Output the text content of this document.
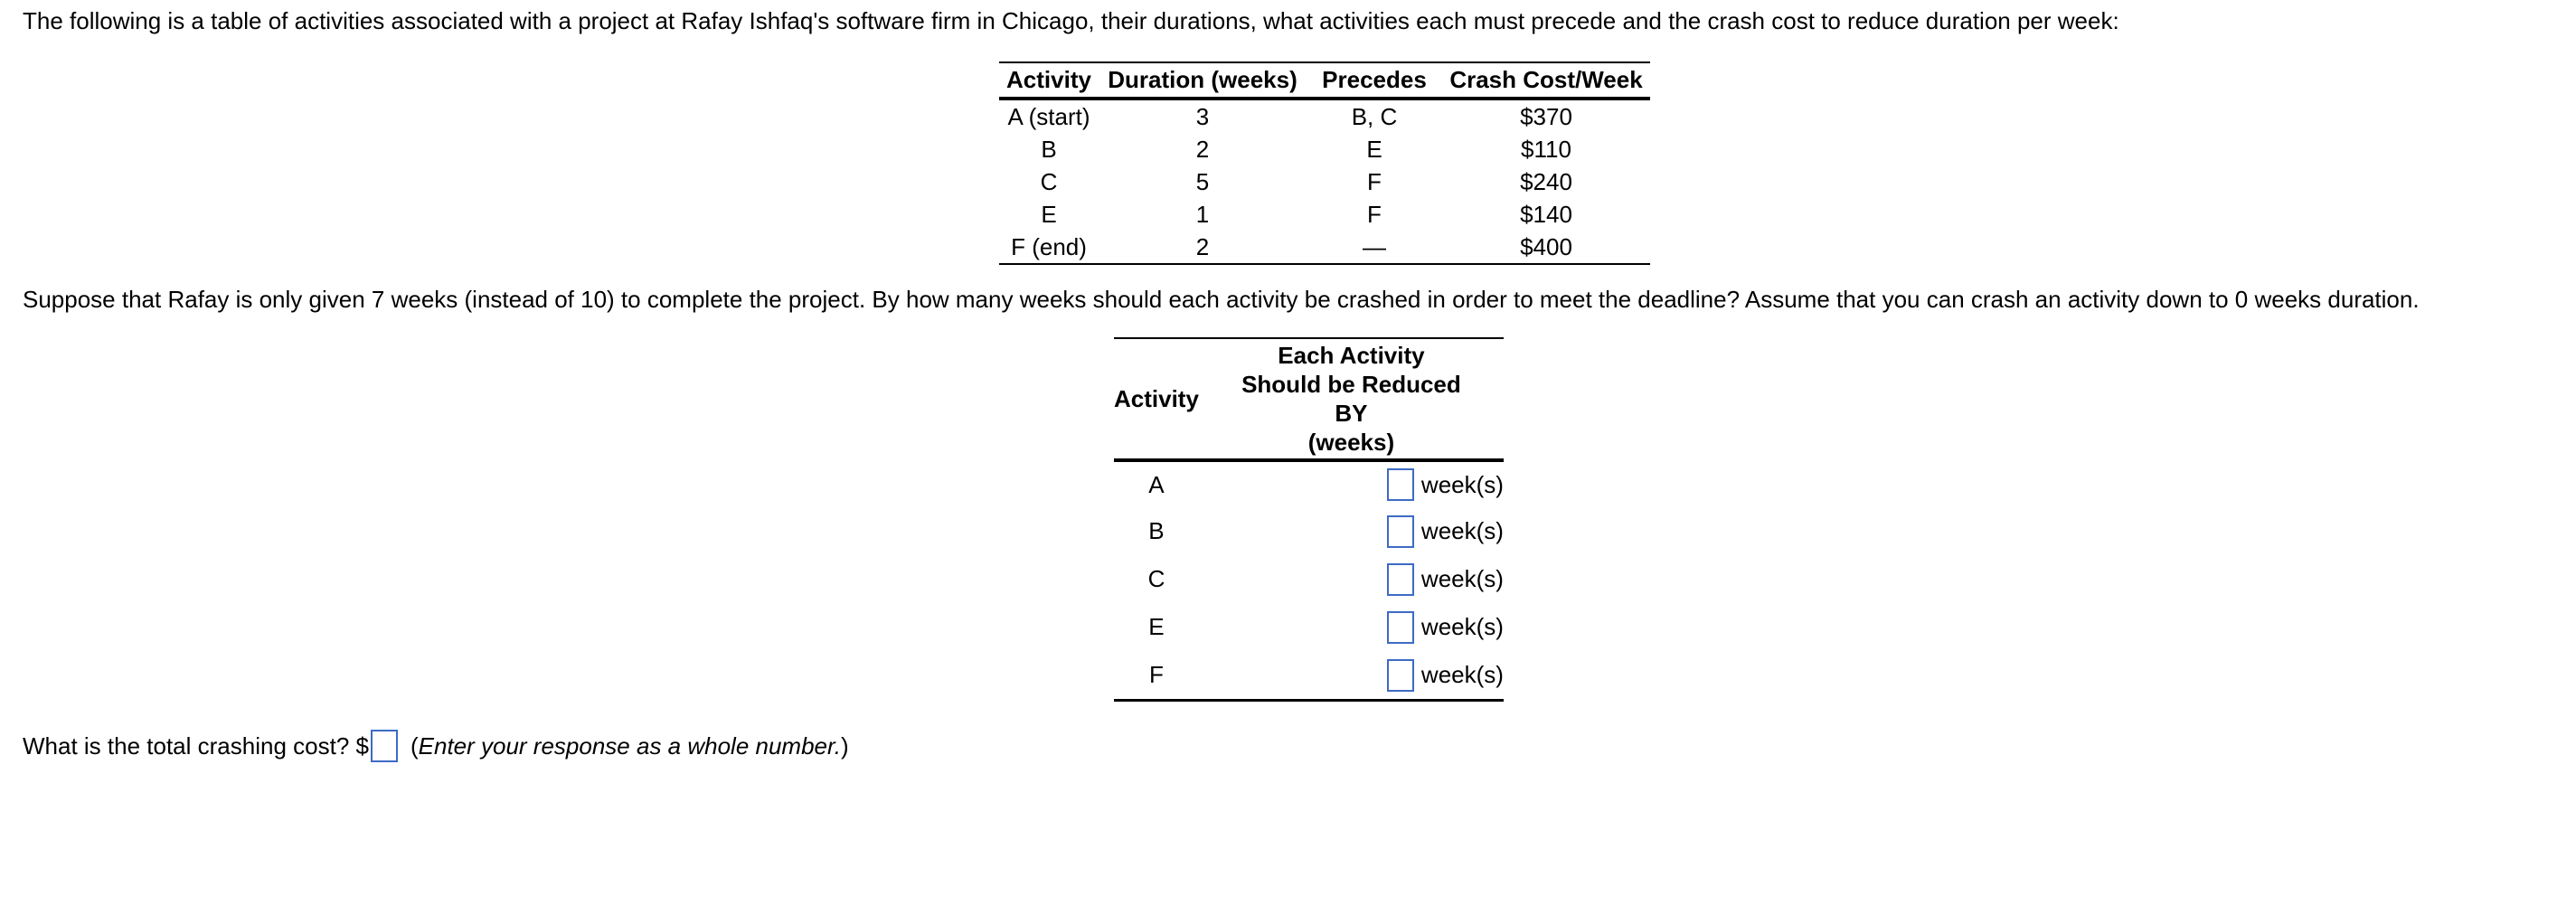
The following is a table of activities associated with a project at Rafay Ishfaq's software firm in Chicago, their durations, what activities each must precede and the crash cost to reduce duration per week:
Activity	Duration (weeks)	Precedes	Crash Cost/Week
A (start)	3	B, C	$370
B	2	E	$110
C	5	F	$240
E	1	F	$140
F (end)	2	—	$400
Suppose that Rafay is only given 7 weeks (instead of 10) to complete the project. By how many weeks should each activity be crashed in order to meet the deadline? Assume that you can crash an activity down to 0 weeks duration.
Activity	Each Activity
Should be Reduced
BY
(weeks)

A	week(s)

B	week(s)

C	week(s)

E	week(s)

F	week(s)
What is the total crashing cost? $ ( Enter your response as a whole number. )
